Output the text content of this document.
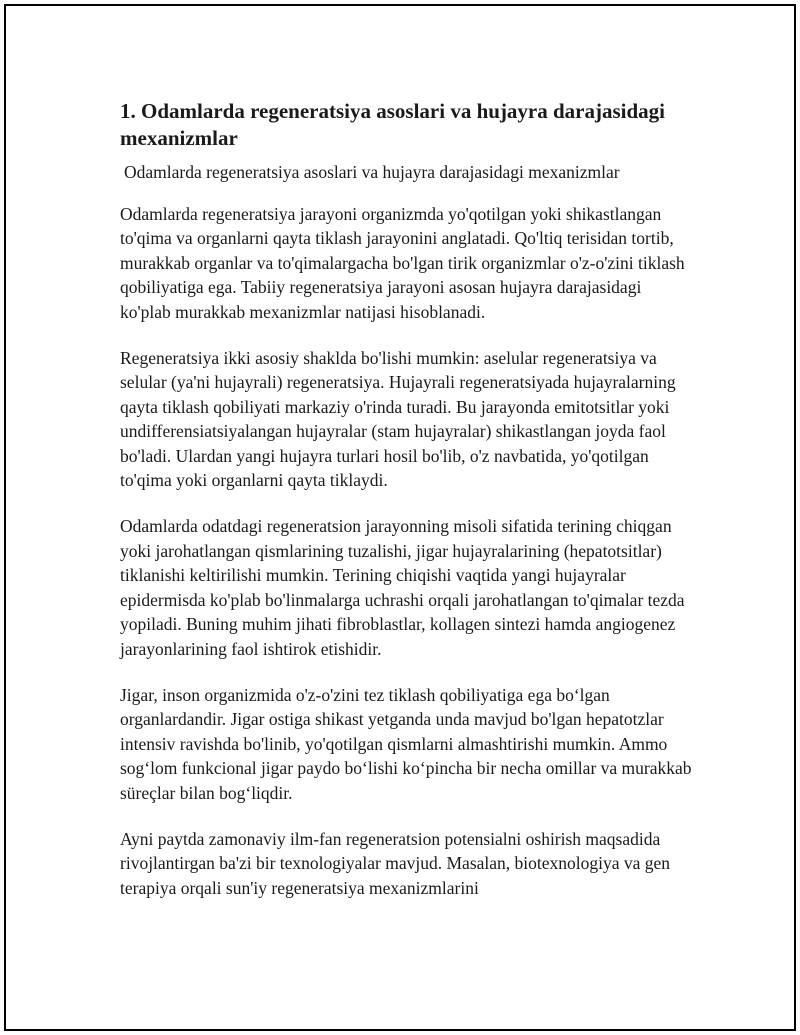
1. Odamlarda regeneratsiya asoslari va hujayra darajasidagi mexanizmlar
Odamlarda regeneratsiya asoslari va hujayra darajasidagi mexanizmlar

Odamlarda regeneratsiya jarayoni organizmda yo'qotilgan yoki shikastlangan to'qima va organlarni qayta tiklash jarayonini anglatadi. Qo'ltiq terisidan tortib, murakkab organlar va to'qimalargacha bo'lgan tirik organizmlar o'z-o'zini tiklash qobiliyatiga ega. Tabiiy regeneratsiya jarayoni asosan hujayra darajasidagi ko'plab murakkab mexanizmlar natijasi hisoblanadi.

Regeneratsiya ikki asosiy shaklda bo'lishi mumkin: aselular regeneratsiya va selular (ya'ni hujayrali) regeneratsiya. Hujayrali regeneratsiyada hujayralarning qayta tiklash qobiliyati markaziy o'rinda turadi. Bu jarayonda emitotsitlar yoki undifferensiatsiyalangan hujayralar (stam hujayralar) shikastlangan joyda faol bo'ladi. Ulardan yangi hujayra turlari hosil bo'lib, o'z navbatida, yo'qotilgan to'qima yoki organlarni qayta tiklaydi.

Odamlarda odatdagi regeneratsion jarayonning misoli sifatida terining chiqgan yoki jarohatlangan qismlarining tuzalishi, jigar hujayralarining (hepatotsitlar) tiklanishi keltirilishi mumkin. Terining chiqishi vaqtida yangi hujayralar epidermisda ko'plab bo'linmalarga uchrashi orqali jarohatlangan to'qimalar tezda yopiladi. Buning muhim jihati fibroblastlar, kollagen sintezi hamda angiogenez jarayonlarining faol ishtirok etishidir.

Jigar, inson organizmida o'z-o'zini tez tiklash qobiliyatiga ega bo‘lgan organlardandir. Jigar ostiga shikast yetganda unda mavjud bo'lgan hepatotzlar intensiv ravishda bo'linib, yo'qotilgan qismlarni almashtirishi mumkin. Ammo sog‘lom funkcional jigar paydo bo‘lishi ko‘pincha bir necha omillar va murakkab süreçlar bilan bog‘liqdir.

Ayni paytda zamonaviy ilm-fan regeneratsion potensialni oshirish maqsadida rivojlantirgan ba'zi bir texnologiyalar mavjud. Masalan, biotexnologiya va gen terapiya orqali sun'iy regeneratsiya mexanizmlarini
